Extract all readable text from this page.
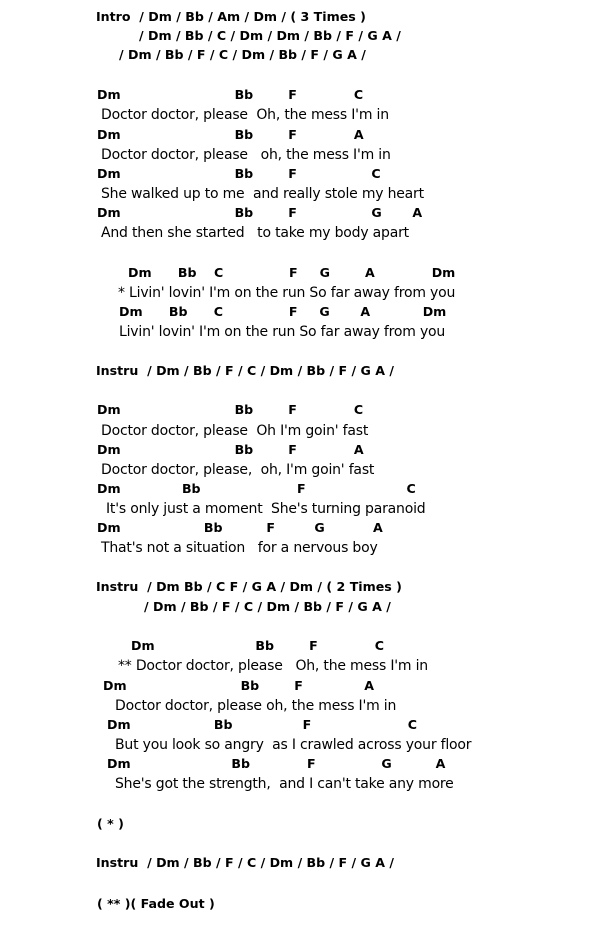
Intro  / Dm / Bb / Am / Dm / ( 3 Times )
/ Dm / Bb / C / Dm / Dm / Bb / F / G A /
/ Dm / Bb / F / C / Dm / Bb / F / G A /
Dm                          Bb        F             C
Doctor doctor, please  Oh, the mess I'm in
Dm                          Bb        F             A
Doctor doctor, please   oh, the mess I'm in
Dm                          Bb        F                 C
She walked up to me  and really stole my heart
Dm                          Bb        F                 G       A
And then she started   to take my body apart
Dm      Bb    C               F     G        A             Dm
* Livin' lovin' I'm on the run So far away from you
Dm      Bb      C               F     G       A            Dm
Livin' lovin' I'm on the run So far away from you
Instru  / Dm / Bb / F / C / Dm / Bb / F / G A /
Dm                          Bb        F             C
Doctor doctor, please  Oh I'm goin' fast
Dm                          Bb        F             A
Doctor doctor, please,  oh, I'm goin' fast
Dm              Bb                      F                       C
It's only just a moment  She's turning paranoid
Dm                   Bb          F         G           A
That's not a situation   for a nervous boy
Instru  / Dm Bb / C F / G A / Dm / ( 2 Times )
/ Dm / Bb / F / C / Dm / Bb / F / G A /
Dm                       Bb        F             C
** Doctor doctor, please   Oh, the mess I'm in
Dm                          Bb        F              A
Doctor doctor, please oh, the mess I'm in
Dm                   Bb                F                      C
But you look so angry  as I crawled across your floor
Dm                       Bb             F               G          A
She's got the strength,  and I can't take any more
( * )
Instru  / Dm / Bb / F / C / Dm / Bb / F / G A /
( ** )( Fade Out )
